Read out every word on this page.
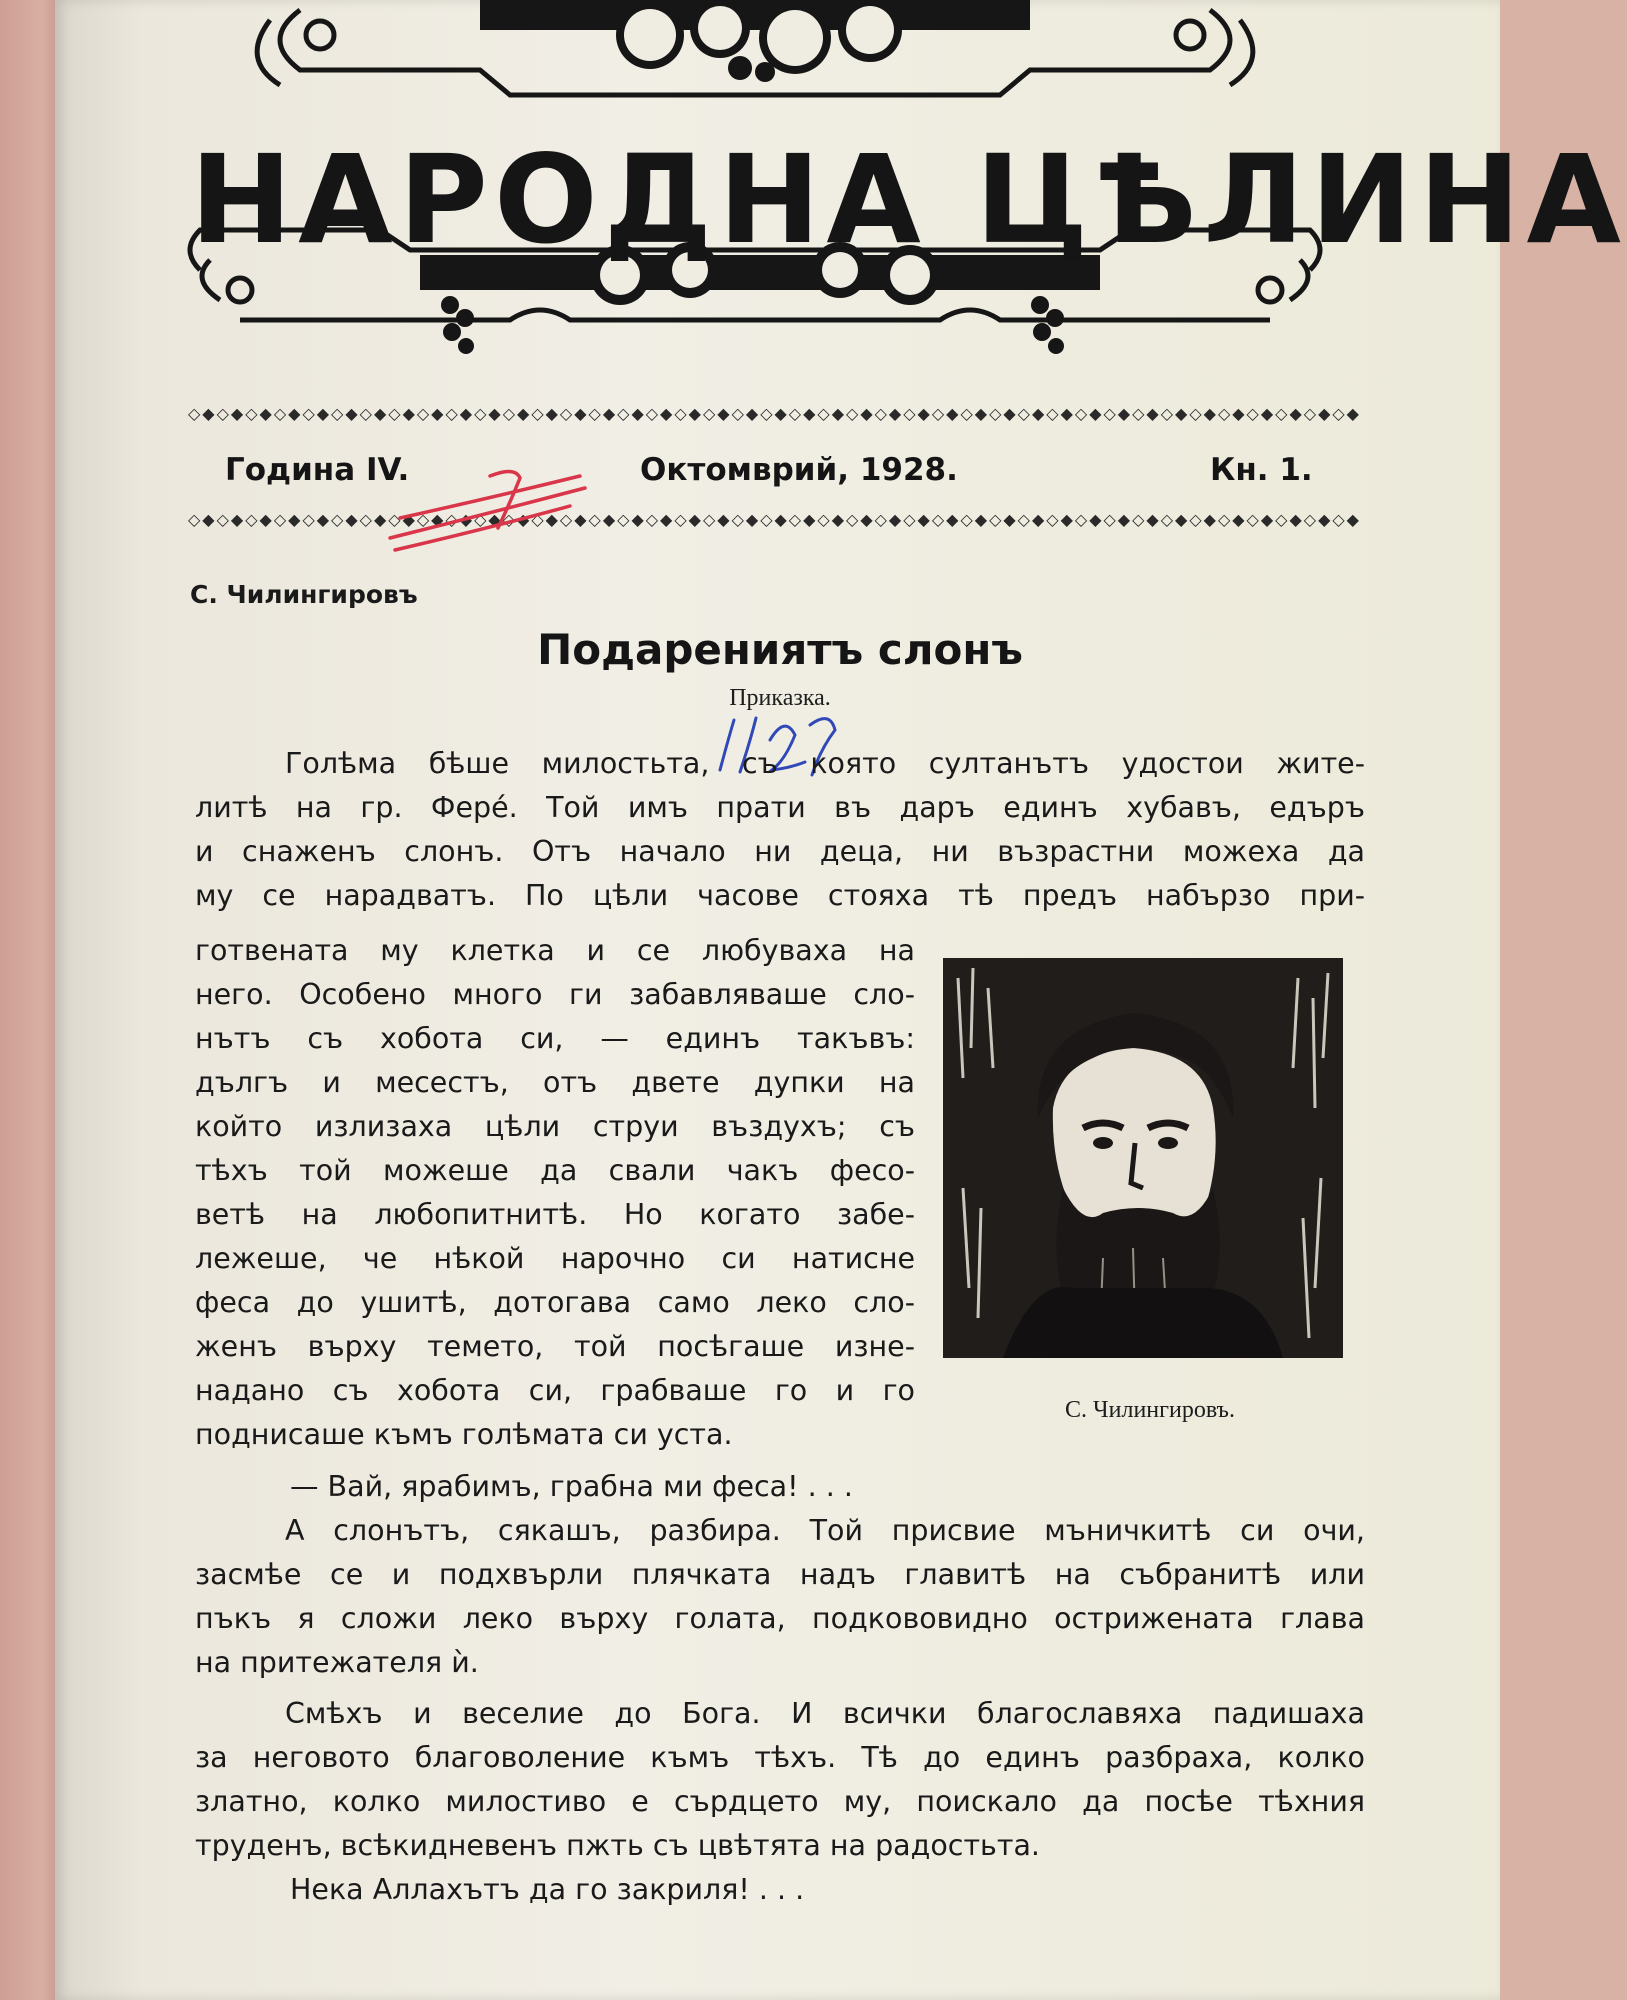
НАРОДНА ЦѢЛИНА
◇◆◇◆◇◆◇◆◇◆◇◆◇◆◇◆◇◆◇◆◇◆◇◆◇◆◇◆◇◆◇◆◇◆◇◆◇◆◇◆◇◆◇◆◇◆◇◆◇◆◇◆◇◆◇◆◇◆◇◆◇◆◇◆◇◆◇◆◇◆◇◆◇◆◇◆◇◆◇◆◇◆
Година IV.	Октомврий, 1928.	Кн. 1.
◇◆◇◆◇◆◇◆◇◆◇◆◇◆◇◆◇◆◇◆◇◆◇◆◇◆◇◆◇◆◇◆◇◆◇◆◇◆◇◆◇◆◇◆◇◆◇◆◇◆◇◆◇◆◇◆◇◆◇◆◇◆◇◆◇◆◇◆◇◆◇◆◇◆◇◆◇◆◇◆◇◆
С. Чилингировъ
Подарениятъ слонъ
Приказка.
Голѣма бѣше милостьта, съ която султанътъ удостои жите-
литѣ на гр. Фере́. Той имъ прати въ даръ единъ хубавъ, едъръ
и снаженъ слонъ. Отъ начало ни деца, ни възрастни можеха да
му се нарадватъ. По цѣли часове стояха тѣ предъ набързо при-
готвената му клетка и се любуваха на
него. Особено много ги забавляваше сло-
нътъ съ хобота си, — единъ такъвъ:
дългъ и месестъ, отъ двете дупки на
който излизаха цѣли струи въздухъ; съ
тѣхъ той можеше да свали чакъ фесо-
ветѣ на любопитнитѣ. Но когато забе-
лежеше, че нѣкой нарочно си натисне
феса до ушитѣ, дотогава само леко сло-
женъ върху темето, той посѣгаше изне-
надано съ хобота си, грабваше го и го
поднисаше къмъ голѣмата си уста.
— Вай, ярабимъ, грабна ми феса! . . .
А слонътъ, сякашъ, разбира. Той присвие мъничкитѣ си очи,
засмѣе се и подхвърли плячката надъ главитѣ на събранитѣ или
пъкъ я сложи леко върху голата, подкововидно острижената глава
на притежателя ѝ.
Смѣхъ и веселие до Бога. И всички благославяха падишаха
за неговото благоволение къмъ тѣхъ. Тѣ до единъ разбраха, колко
златно, колко милостиво е сърдцето му, поискало да посѣе тѣхния
труденъ, всѣкидневенъ пжть съ цвѣтята на радостьта.
Нека Аллахътъ да го закриля! . . .
С. Чилингировъ.
